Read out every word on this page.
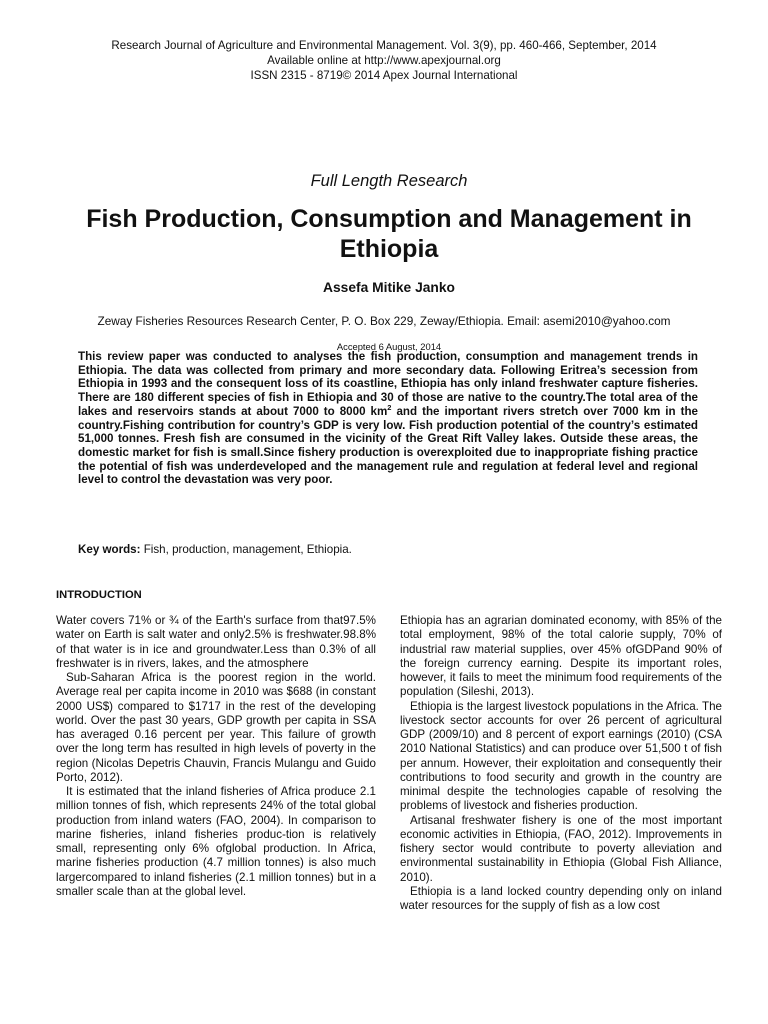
Research Journal of Agriculture and Environmental Management. Vol. 3(9), pp. 460-466, September, 2014
Available online at http://www.apexjournal.org
ISSN 2315 - 8719© 2014 Apex Journal International
Full Length Research
Fish Production, Consumption and Management in Ethiopia
Assefa Mitike Janko
Zeway Fisheries Resources Research Center, P. O. Box 229, Zeway/Ethiopia. Email: asemi2010@yahoo.com
Accepted 6 August, 2014

This review paper was conducted to analyses the fish production, consumption and management trends in Ethiopia. The data was collected from primary and more secondary data. Following Eritrea’s secession from Ethiopia in 1993 and the consequent loss of its coastline, Ethiopia has only inland freshwater capture fisheries. There are 180 different species of fish in Ethiopia and 30 of those are native to the country.The total area of the lakes and reservoirs stands at about 7000 to 8000 $km^2$ and the important rivers stretch over 7000 km in the country.Fishing contribution for country’s GDP is very low. Fish production potential of the country’s estimated 51,000 tonnes. Fresh fish are consumed in the vicinity of the Great Rift Valley lakes. Outside these areas, the domestic market for fish is small.Since fishery production is overexploited due to inappropriate fishing practice the potential of fish was underdeveloped and the management rule and regulation at federal level and regional level to control the devastation was very poor.

Key words: Fish, production, management, Ethiopia.
INTRODUCTION

Water covers 71% or ¾ of the Earth's surface from that97.5% water on Earth is salt water and only2.5% is freshwater.98.8% of that water is in ice and groundwater.Less than 0.3% of all freshwater is in rivers, lakes, and the atmosphere

Sub-Saharan Africa is the poorest region in the world. Average real per capita income in 2010 was $688 (in constant 2000 US$) compared to $1717 in the rest of the developing world. Over the past 30 years, GDP growth per capita in SSA has averaged 0.16 percent per year. This failure of growth over the long term has resulted in high levels of poverty in the region (Nicolas Depetris Chauvin, Francis Mulangu and Guido Porto, 2012).

It is estimated that the inland fisheries of Africa produce 2.1 million tonnes of fish, which represents 24% of the total global production from inland waters (FAO, 2004). In comparison to marine fisheries, inland fisheries produc-tion is relatively small, representing only 6% ofglobal production. In Africa, marine fisheries production (4.7 million tonnes) is also much largercompared to inland fisheries (2.1 million tonnes) but in a smaller scale than at the global level.

Ethiopia has an agrarian dominated economy, with 85% of the total employment, 98% of the total calorie supply, 70% of industrial raw material supplies, over 45% ofGDPand 90% of the foreign currency earning. Despite its important roles, however, it fails to meet the minimum food requirements of the population (Sileshi, 2013).

Ethiopia is the largest livestock populations in the Africa. The livestock sector accounts for over 26 percent of agricultural GDP (2009/10) and 8 percent of export earnings (2010) (CSA 2010 National Statistics) and can produce over 51,500 t of fish per annum. However, their exploitation and consequently their contributions to food security and growth in the country are minimal despite the technologies capable of resolving the problems of livestock and fisheries production.

Artisanal freshwater fishery is one of the most important economic activities in Ethiopia, (FAO, 2012). Improvements in fishery sector would contribute to poverty alleviation and environmental sustainability in Ethiopia (Global Fish Alliance, 2010).

Ethiopia is a land locked country depending only on inland water resources for the supply of fish as a low cost
